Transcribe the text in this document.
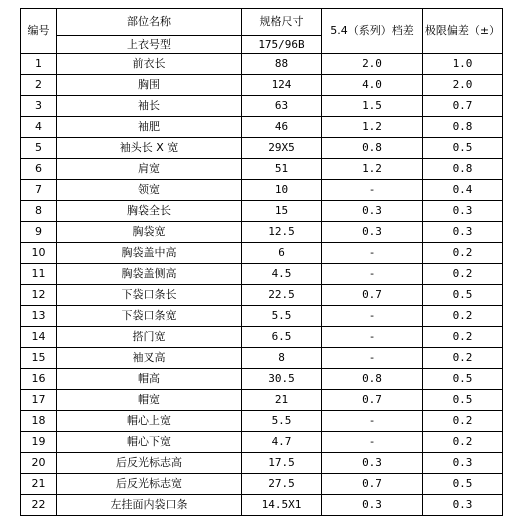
编号	部位名称	规格尺寸	5.4（系列）档差	极限偏差（±）
	上衣号型	175/96B		
1	前衣长	88	2.0	1.0
2	胸围	124	4.0	2.0
3	袖长	63	1.5	0.7
4	袖肥	46	1.2	0.8
5	袖头长 X 宽	29X5	0.8	0.5
6	肩宽	51	1.2	0.8
7	领宽	10	-	0.4
8	胸袋全长	15	0.3	0.3
9	胸袋宽	12.5	0.3	0.3
10	胸袋盖中高	6	-	0.2
11	胸袋盖侧高	4.5	-	0.2
12	下袋口条长	22.5	0.7	0.5
13	下袋口条宽	5.5	-	0.2
14	搭门宽	6.5	-	0.2
15	袖叉高	8	-	0.2
16	帽高	30.5	0.8	0.5
17	帽宽	21	0.7	0.5
18	帽心上宽	5.5	-	0.2
19	帽心下宽	4.7	-	0.2
20	后反光标志高	17.5	0.3	0.3
21	后反光标志宽	27.5	0.7	0.5
22	左挂面内袋口条	14.5X1	0.3	0.3
